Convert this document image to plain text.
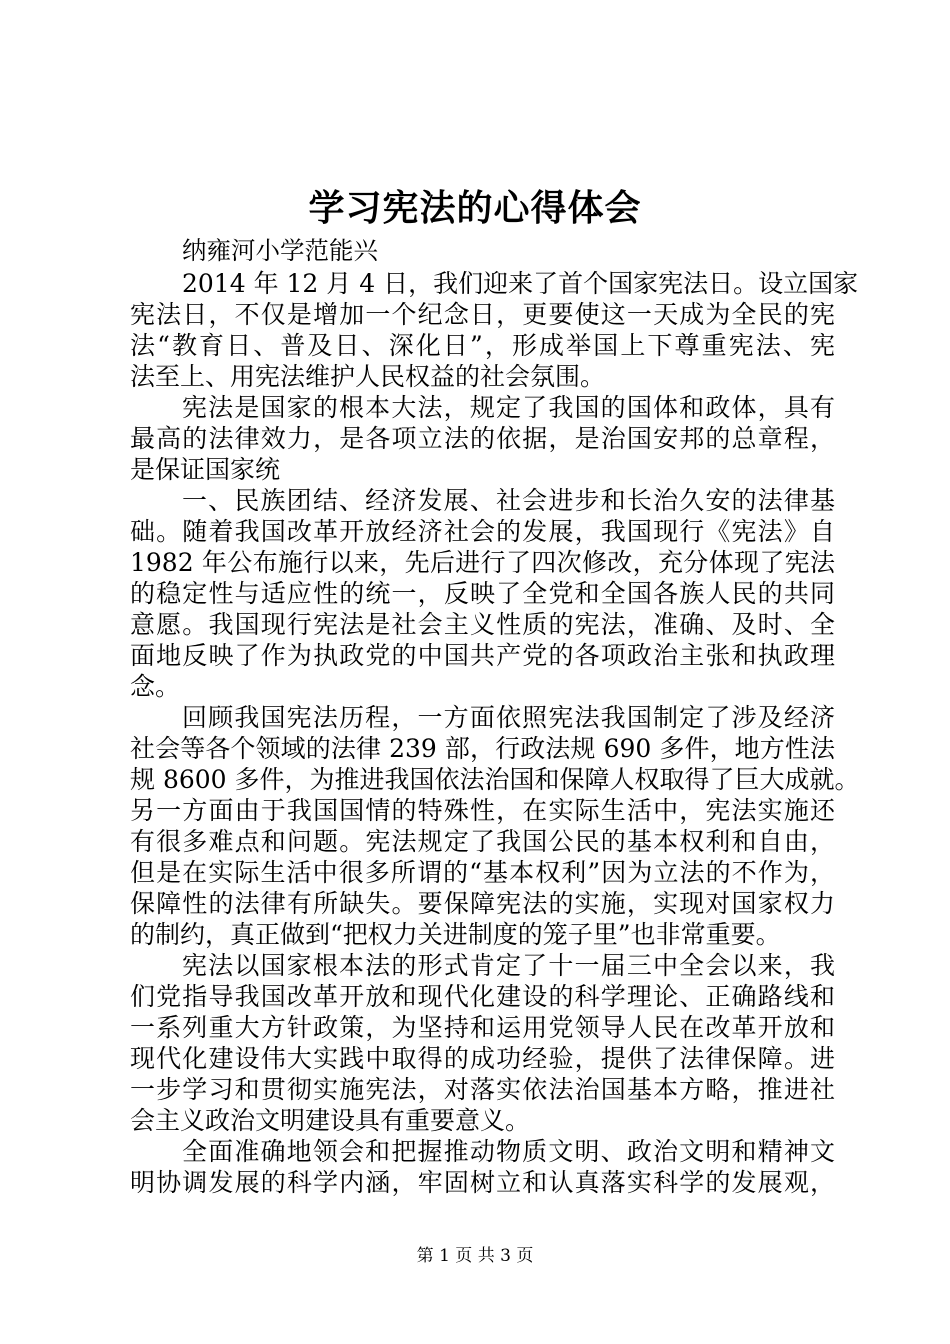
学习宪法的心得体会
纳雍河小学范能兴
2014 年 12 月 4 日，我们迎来了首个国家宪法日。设立国家
宪法日，不仅是增加一个纪念日，更要使这一天成为全民的宪
法“教育日、普及日、深化日”，形成举国上下尊重宪法、宪
法至上、用宪法维护人民权益的社会氛围。
宪法是国家的根本大法，规定了我国的国体和政体，具有
最高的法律效力，是各项立法的依据，是治国安邦的总章程，
是保证国家统
一、民族团结、经济发展、社会进步和长治久安的法律基
础。随着我国改革开放经济社会的发展，我国现行《宪法》自
1982 年公布施行以来，先后进行了四次修改，充分体现了宪法
的稳定性与适应性的统一，反映了全党和全国各族人民的共同
意愿。我国现行宪法是社会主义性质的宪法，准确、及时、全
面地反映了作为执政党的中国共产党的各项政治主张和执政理
念。
回顾我国宪法历程，一方面依照宪法我国制定了涉及经济
社会等各个领域的法律 239 部，行政法规 690 多件，地方性法
规 8600 多件，为推进我国依法治国和保障人权取得了巨大成就。
另一方面由于我国国情的特殊性，在实际生活中，宪法实施还
有很多难点和问题。宪法规定了我国公民的基本权利和自由，
但是在实际生活中很多所谓的“基本权利”因为立法的不作为，
保障性的法律有所缺失。要保障宪法的实施，实现对国家权力
的制约，真正做到“把权力关进制度的笼子里”也非常重要。
宪法以国家根本法的形式肯定了十一届三中全会以来，我
们党指导我国改革开放和现代化建设的科学理论、正确路线和
一系列重大方针政策，为坚持和运用党领导人民在改革开放和
现代化建设伟大实践中取得的成功经验，提供了法律保障。进
一步学习和贯彻实施宪法，对落实依法治国基本方略，推进社
会主义政治文明建设具有重要意义。
全面准确地领会和把握推动物质文明、政治文明和精神文
明协调发展的科学内涵，牢固树立和认真落实科学的发展观，
第 1 页 共 3 页
